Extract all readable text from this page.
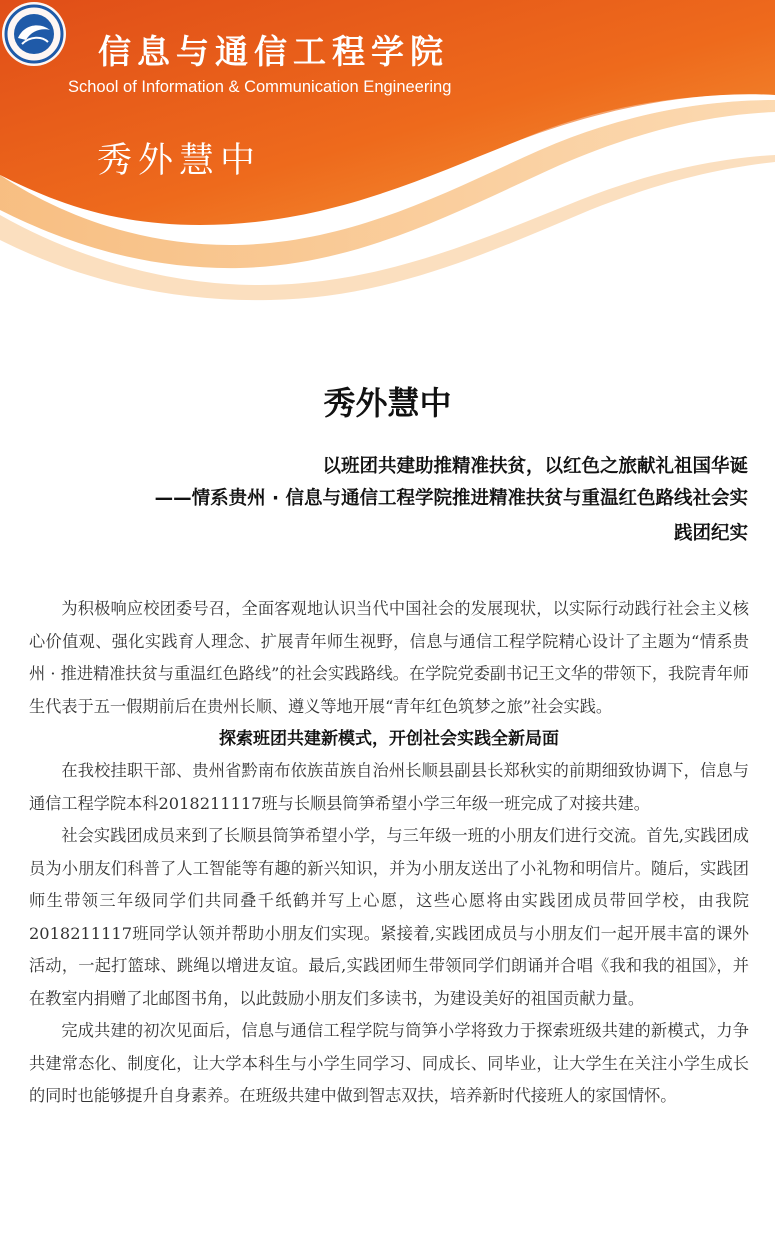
信息与通信工程学院
School of Information & Communication Engineering
秀外慧中
秀外慧中
以班团共建助推精准扶贫，以红色之旅献礼祖国华诞
——情系贵州 · 信息与通信工程学院推进精准扶贫与重温红色路线社会实
践团纪实

为积极响应校团委号召，全面客观地认识当代中国社会的发展现状，以实际行动践行社会主义核心价值观、强化实践育人理念、扩展青年师生视野，信息与通信工程学院精心设计了主题为“情系贵州 · 推进精准扶贫与重温红色路线”的社会实践路线。在学院党委副书记王文华的带领下，我院青年师生代表于五一假期前后在贵州长顺、遵义等地开展“青年红色筑梦之旅”社会实践。

探索班团共建新模式，开创社会实践全新局面

在我校挂职干部、贵州省黔南布依族苗族自治州长顺县副县长郑秋实的前期细致协调下，信息与通信工程学院本科2018211117班与长顺县筒笋希望小学三年级一班完成了对接共建。

社会实践团成员来到了长顺县筒笋希望小学，与三年级一班的小朋友们进行交流。首先,实践团成员为小朋友们科普了人工智能等有趣的新兴知识，并为小朋友送出了小礼物和明信片。随后，实践团师生带领三年级同学们共同叠千纸鹤并写上心愿，这些心愿将由实践团成员带回学校，由我院2018211117班同学认领并帮助小朋友们实现。紧接着,实践团成员与小朋友们一起开展丰富的课外活动，一起打篮球、跳绳以增进友谊。最后,实践团师生带领同学们朗诵并合唱《我和我的祖国》，并在教室内捐赠了北邮图书角，以此鼓励小朋友们多读书，为建设美好的祖国贡献力量。

完成共建的初次见面后，信息与通信工程学院与筒笋小学将致力于探索班级共建的新模式，力争共建常态化、制度化，让大学本科生与小学生同学习、同成长、同毕业，让大学生在关注小学生成长的同时也能够提升自身素养。在班级共建中做到智志双扶，培养新时代接班人的家国情怀。
